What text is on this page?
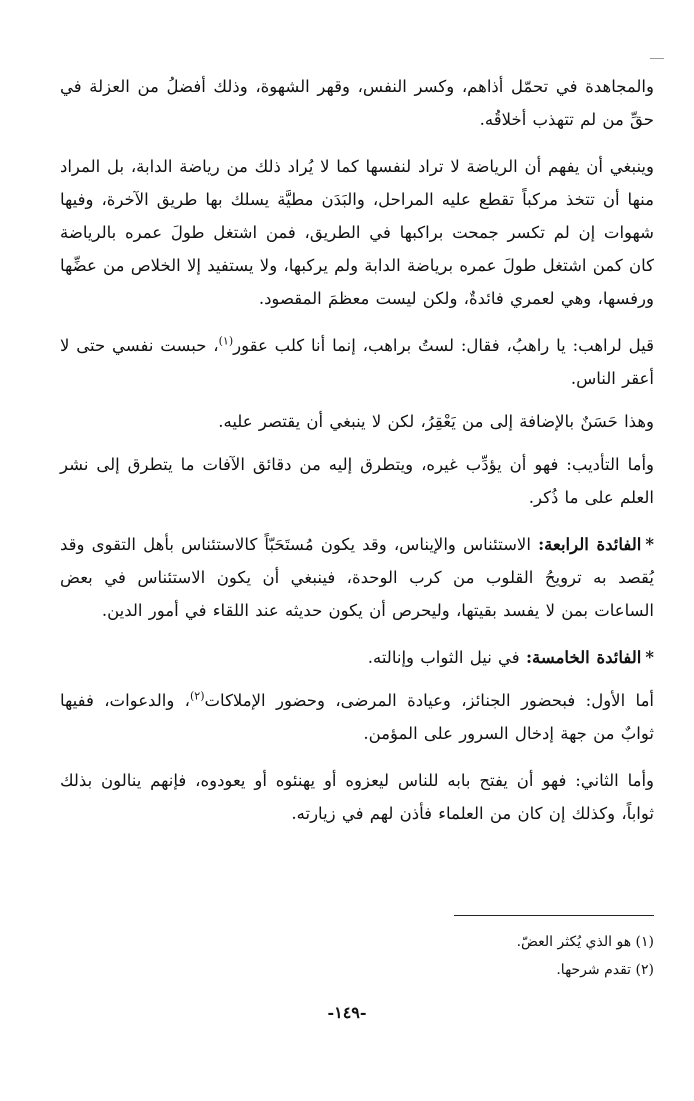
والمجاهدة في تحمّل أذاهم، وكسر النفس، وقهر الشهوة، وذلك أفضلُ من العزلة في حقِّ من لم تتهذب أخلاقُه.

وينبغي أن يفهم أن الرياضة لا تراد لنفسها كما لا يُراد ذلك من رياضة الدابة، بل المراد منها أن تتخذ مركباً تقطع عليه المراحل، والبَدَن مطيَّة يسلك بها طريق الآخرة، وفيها شهوات إن لم تكسر جمحت براكبها في الطريق، فمن اشتغل طولَ عمره بالرياضة كان كمن اشتغل طولَ عمره برياضة الدابة ولم يركبها، ولا يستفيد إلا الخلاص من عضِّها ورفسها، وهي لعمري فائدةٌ، ولكن ليست معظمَ المقصود.

قيل لراهب: يا راهبُ، فقال: لستُ براهب، إنما أنا كلب عقور$^{(١)}$، حبست نفسي حتى لا أعقر الناس.

وهذا حَسَنٌ بالإضافة إلى من يَعْقِرُ، لكن لا ينبغي أن يقتصر عليه.

وأما التأديب: فهو أن يؤدِّب غيره، ويتطرق إليه من دقائق الآفات ما يتطرق إلى نشر العلم على ما ذُكر.

*الفائدة الرابعة: الاستئناس والإيناس، وقد يكون مُستَحَبّاً كالاستئناس بأهل التقوى وقد يُقصد به ترويحُ القلوب من كرب الوحدة، فينبغي أن يكون الاستئناس في بعض الساعات بمن لا يفسد بقيتها، وليحرص أن يكون حديثه عند اللقاء في أمور الدين.

*الفائدة الخامسة: في نيل الثواب وإنالته.

أما الأول: فبحضور الجنائز، وعيادة المرضى، وحضور الإملاكات$^{(٢)}$، والدعوات، ففيها ثوابٌ من جهة إدخال السرور على المؤمن.

وأما الثاني: فهو أن يفتح بابه للناس ليعزوه أو يهنئوه أو يعودوه، فإنهم ينالون بذلك ثواباً، وكذلك إن كان من العلماء فأذن لهم في زيارته.

(١) هو الذي يُكثر العضّ.

(٢) تقدم شرحها.

-١٤٩-
